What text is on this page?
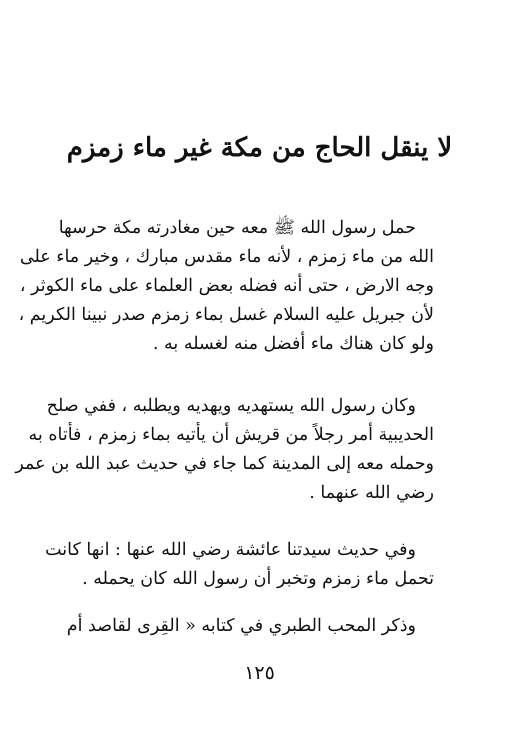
لا ينقل الحاج من مكة غير ماء زمزم
حمل رسول الله ﷺ معه حين مغادرته مكة حرسها
الله من ماء زمزم ، لأنه ماء مقدس مبارك ، وخير ماء على
وجه الارض ، حتى أنه فضله بعض العلماء على ماء الكوثر ،
لأن جبريل عليه السلام غسل بماء زمزم صدر نبينا الكريم ،
ولو كان هناك ماء أفضل منه لغسله به .
وكان رسول الله يستهديه ويهديه ويطلبه ، ففي صلح
الحديبية أمر رجلاً من قريش أن يأتيه بماء زمزم ، فأتاه به
وحمله معه إلى المدينة كما جاء في حديث عبد الله بن عمر
رضي الله عنهما .
وفي حديث سيدتنا عائشة رضي الله عنها : انها كانت
تحمل ماء زمزم وتخبر أن رسول الله كان يحمله .
وذكر المحب الطبري في كتابه « القِرى لقاصد أم
١٢٥
